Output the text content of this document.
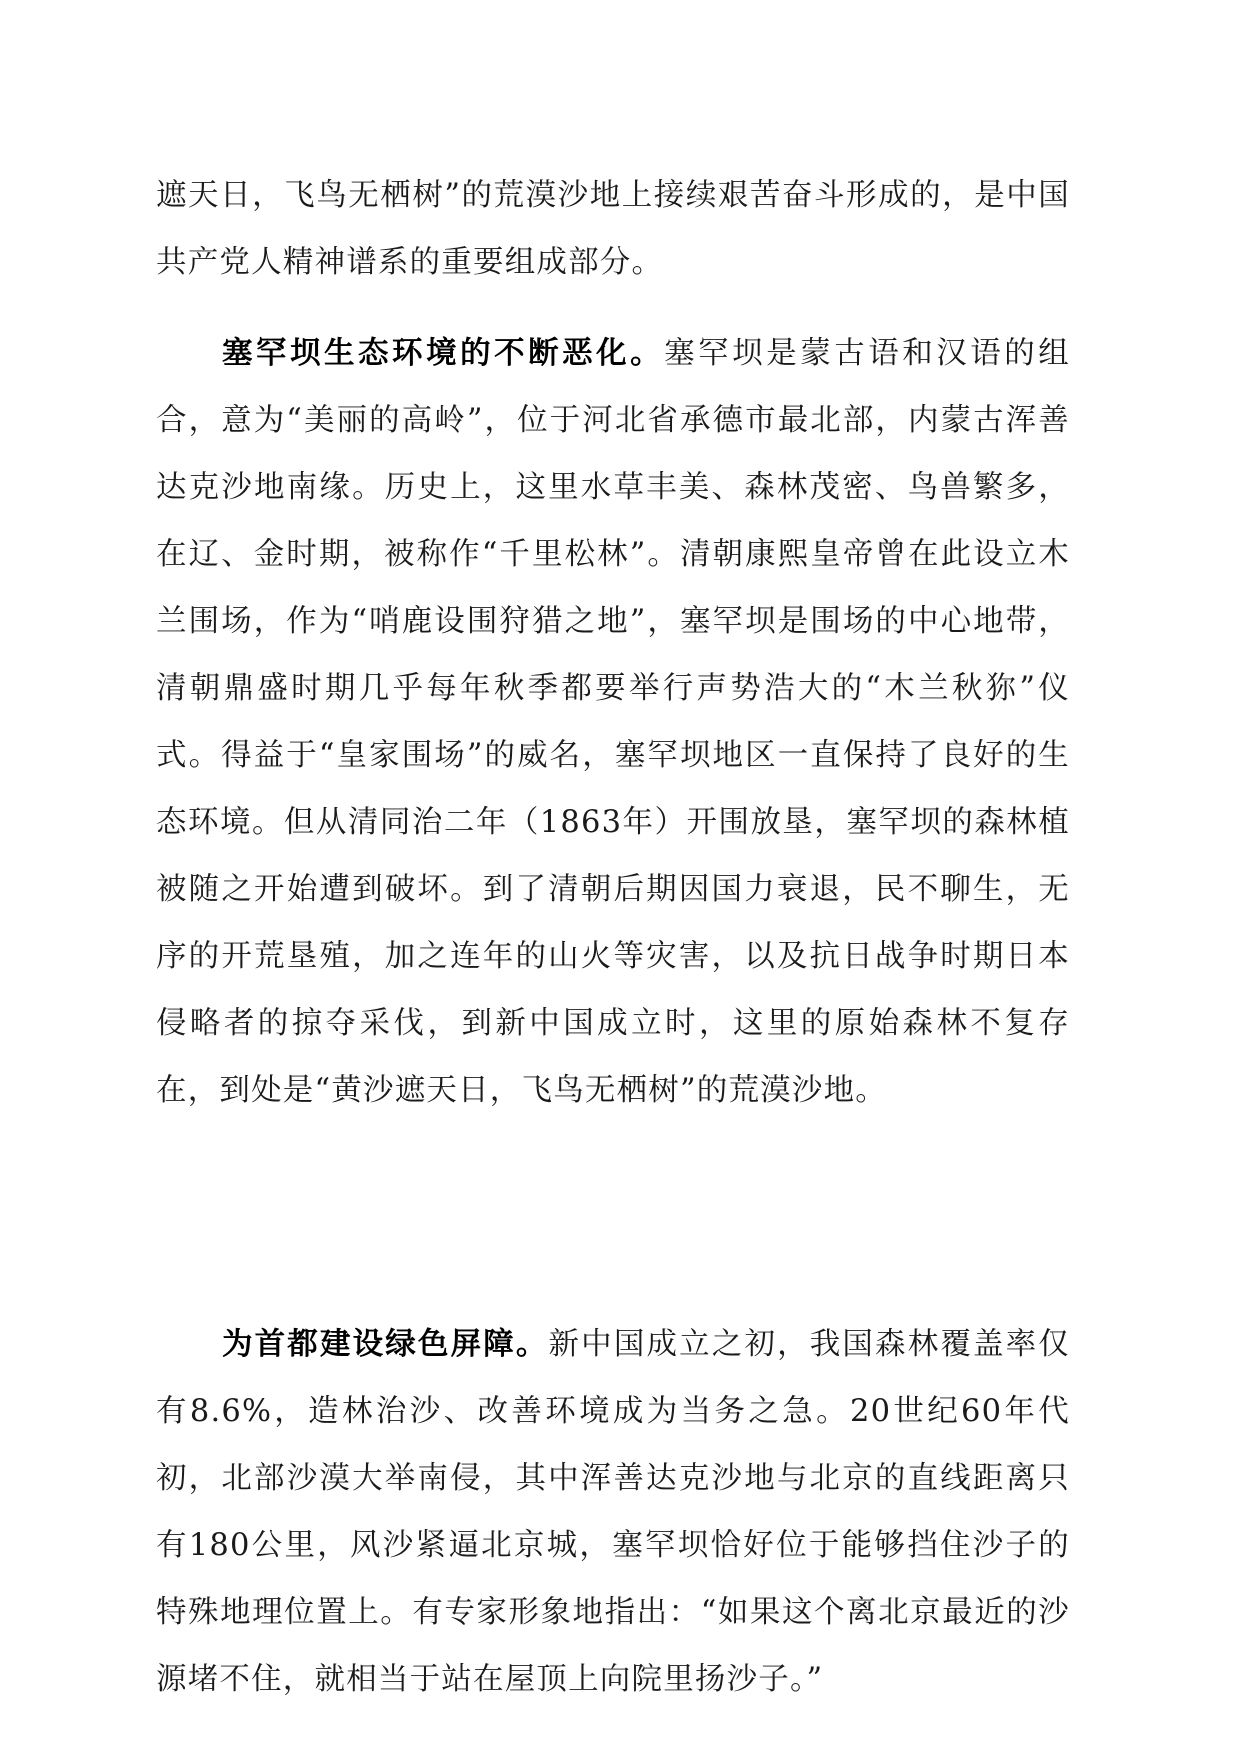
遮天日，飞鸟无栖树”的荒漠沙地上接续艰苦奋斗形成的，是中国共产党人精神谱系的重要组成部分。

塞罕坝生态环境的不断恶化。塞罕坝是蒙古语和汉语的组合，意为“美丽的高岭”，位于河北省承德市最北部，内蒙古浑善达克沙地南缘。历史上，这里水草丰美、森林茂密、鸟兽繁多，在辽、金时期，被称作“千里松林”。清朝康熙皇帝曾在此设立木兰围场，作为“哨鹿设围狩猎之地”，塞罕坝是围场的中心地带，清朝鼎盛时期几乎每年秋季都要举行声势浩大的“木兰秋狝”仪式。得益于“皇家围场”的威名，塞罕坝地区一直保持了良好的生态环境。但从清同治二年（1863年）开围放垦，塞罕坝的森林植被随之开始遭到破坏。到了清朝后期因国力衰退，民不聊生，无序的开荒垦殖，加之连年的山火等灾害，以及抗日战争时期日本侵略者的掠夺采伐，到新中国成立时，这里的原始森林不复存在，到处是“黄沙遮天日，飞鸟无栖树”的荒漠沙地。

为首都建设绿色屏障。新中国成立之初，我国森林覆盖率仅有8.6%，造林治沙、改善环境成为当务之急。20世纪60年代初，北部沙漠大举南侵，其中浑善达克沙地与北京的直线距离只有180公里，风沙紧逼北京城，塞罕坝恰好位于能够挡住沙子的特殊地理位置上。有专家形象地指出：“如果这个离北京最近的沙源堵不住，就相当于站在屋顶上向院里扬沙子。”
